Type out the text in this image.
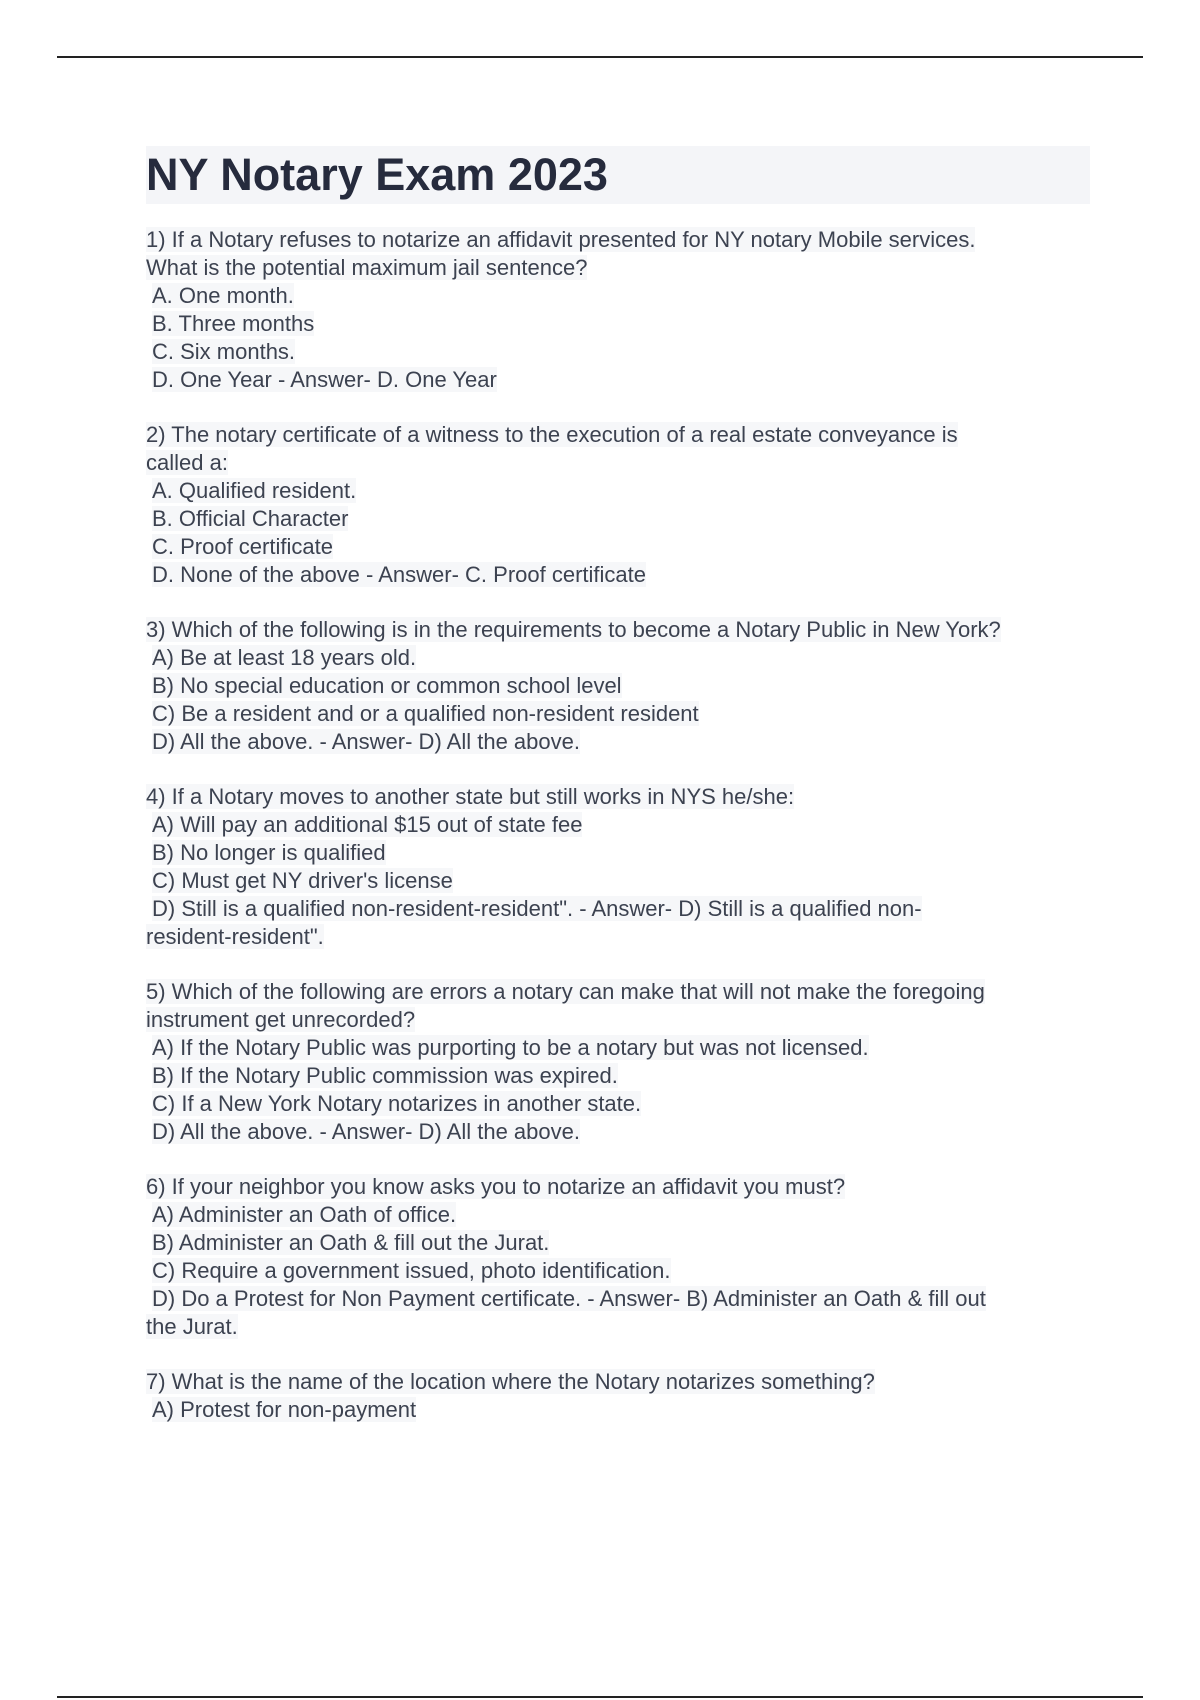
NY Notary Exam 2023
1) If a Notary refuses to notarize an affidavit presented for NY notary Mobile services.
What is the potential maximum jail sentence?
A. One month.
B. Three months
C. Six months.
D. One Year - Answer- D. One Year
2) The notary certificate of a witness to the execution of a real estate conveyance is
called a:
A. Qualified resident.
B. Official Character
C. Proof certificate
D. None of the above - Answer- C. Proof certificate
3) Which of the following is in the requirements to become a Notary Public in New York?
A) Be at least 18 years old.
B) No special education or common school level
C) Be a resident and or a qualified non-resident resident
D) All the above. - Answer- D) All the above.
4) If a Notary moves to another state but still works in NYS he/she:
A) Will pay an additional $15 out of state fee
B) No longer is qualified
C) Must get NY driver's license
D) Still is a qualified non-resident-resident". - Answer- D) Still is a qualified non-
resident-resident".
5) Which of the following are errors a notary can make that will not make the foregoing
instrument get unrecorded?
A) If the Notary Public was purporting to be a notary but was not licensed.
B) If the Notary Public commission was expired.
C) If a New York Notary notarizes in another state.
D) All the above. - Answer- D) All the above.
6) If your neighbor you know asks you to notarize an affidavit you must?
A) Administer an Oath of office.
B) Administer an Oath & fill out the Jurat.
C) Require a government issued, photo identification.
D) Do a Protest for Non Payment certificate. - Answer- B) Administer an Oath & fill out
the Jurat.
7) What is the name of the location where the Notary notarizes something?
A) Protest for non-payment
